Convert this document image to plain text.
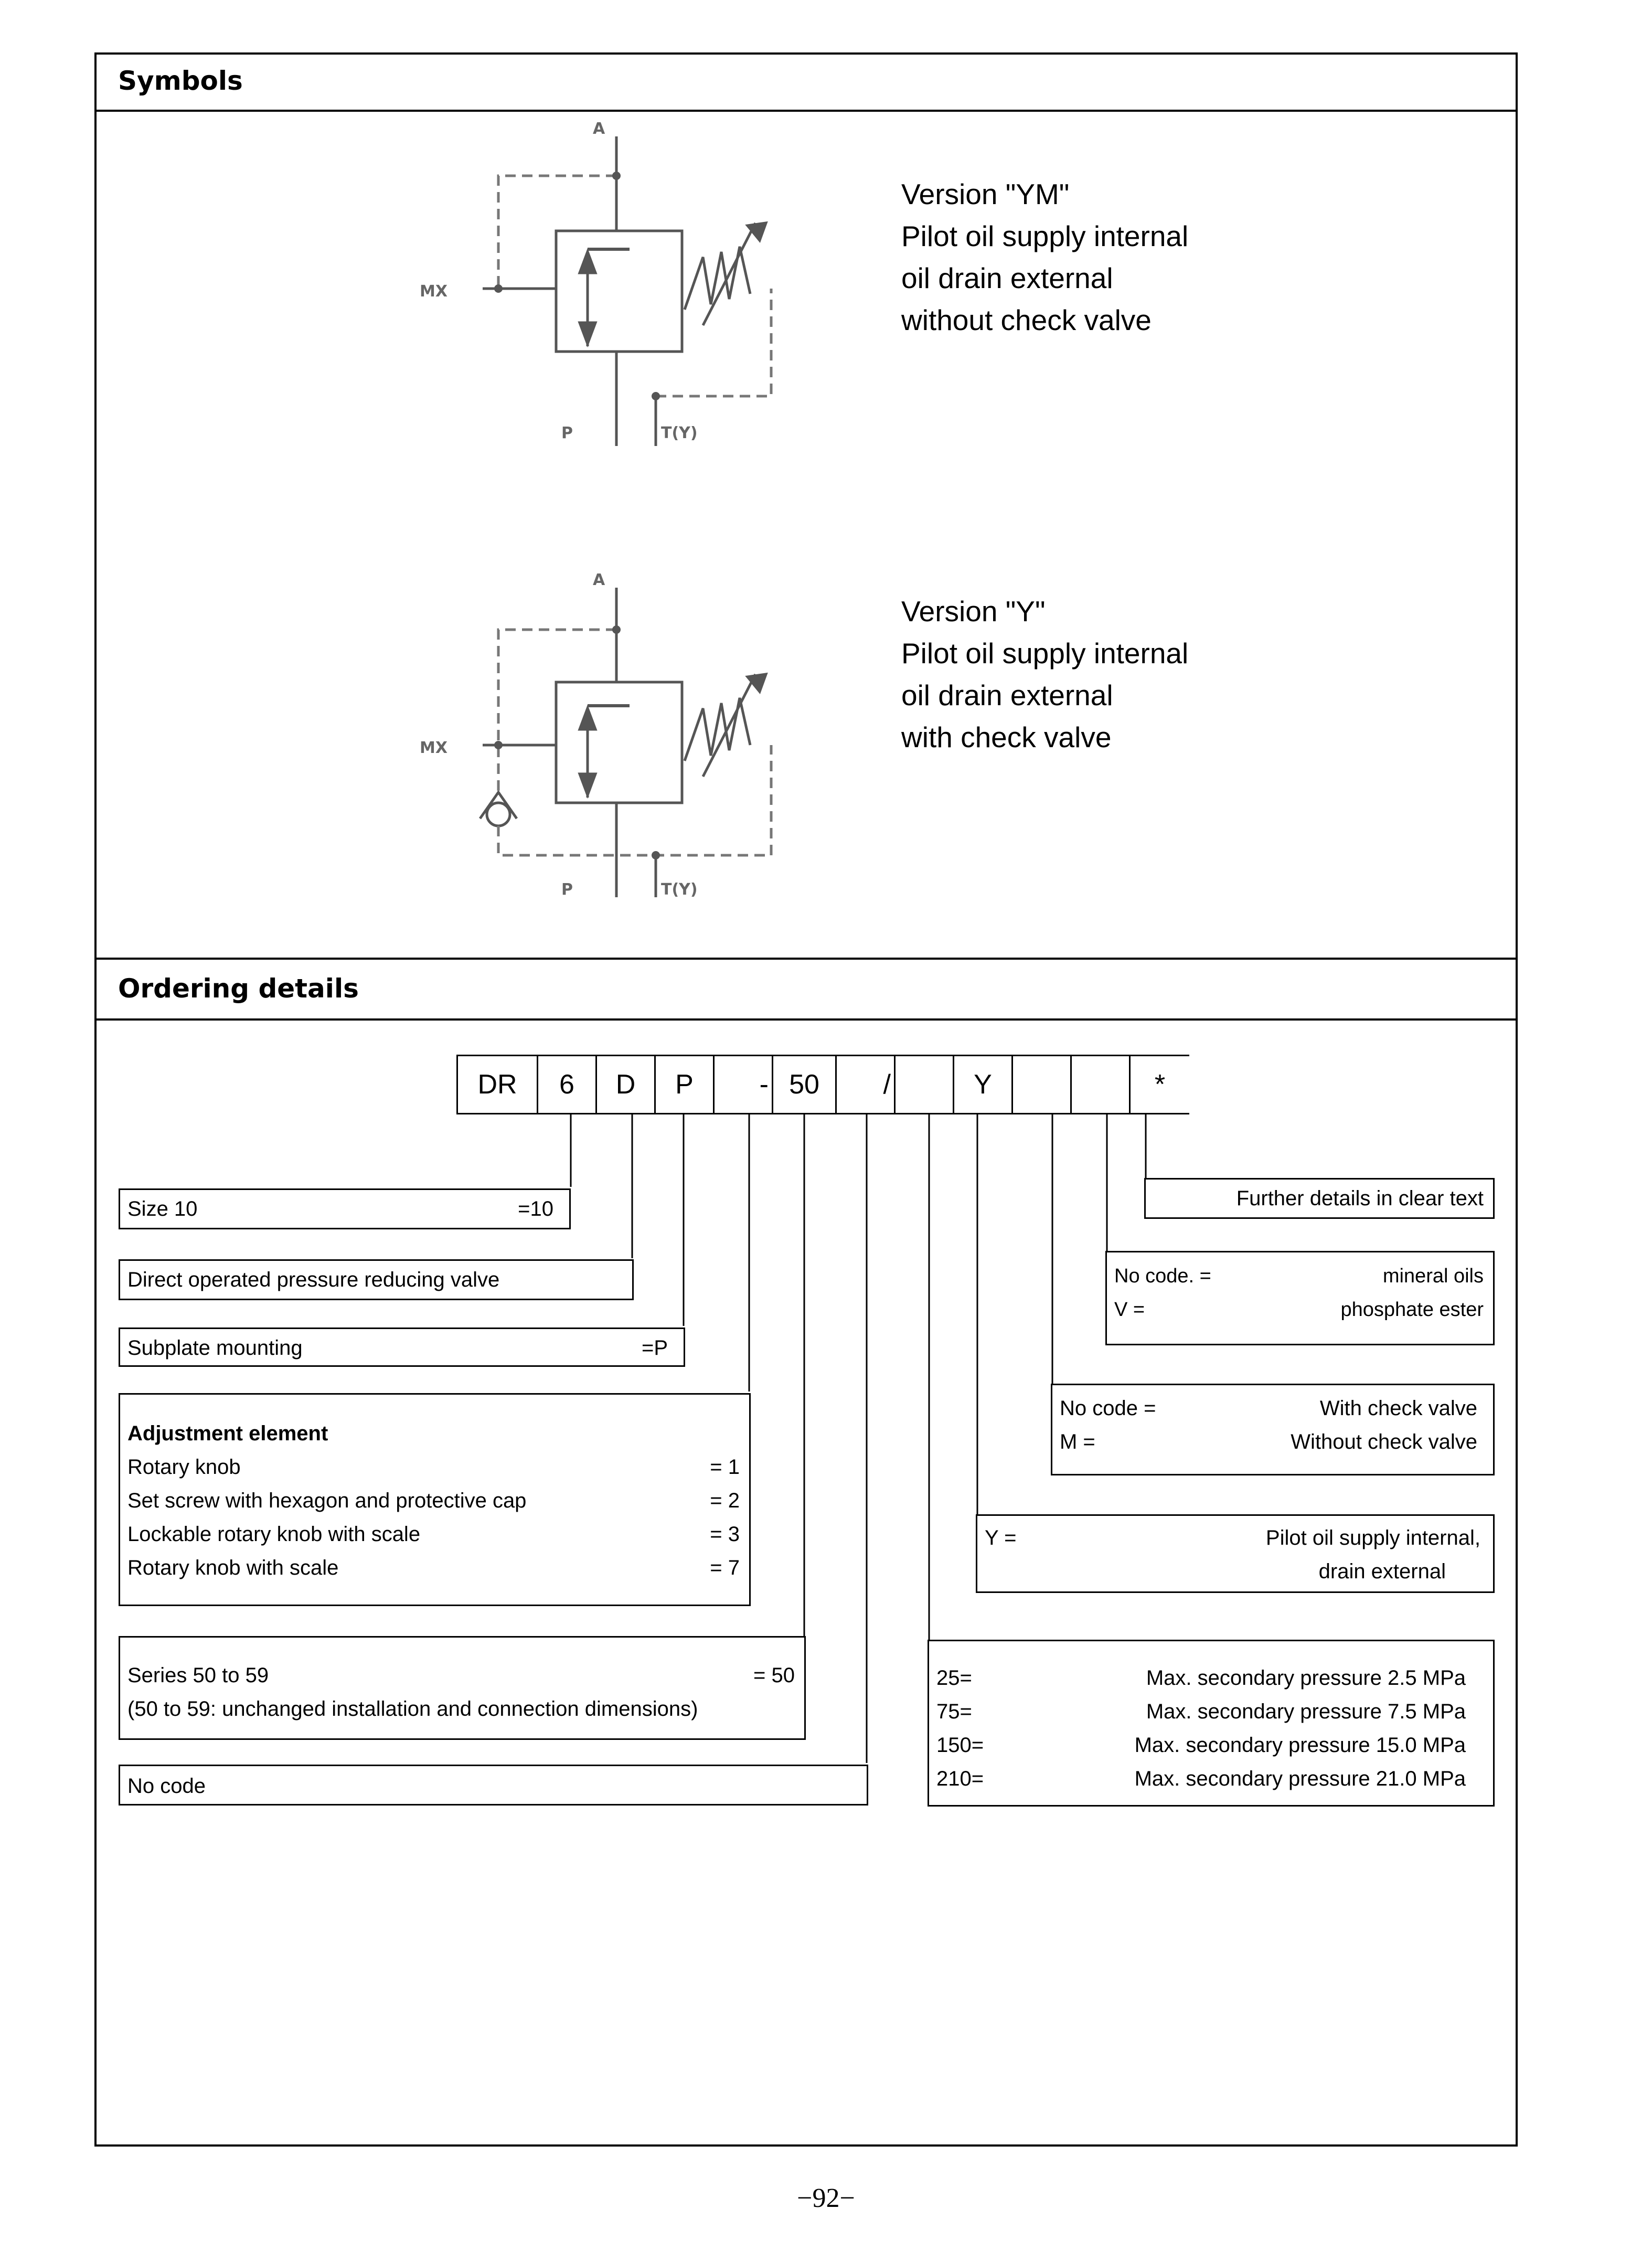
Symbols
Ordering details
A
MX
P	T(Y)
Version "YM"
Pilot oil supply internal
oil drain external
without check valve
A
MX
P	T(Y)
Version "Y"
Pilot oil supply internal
oil drain external
with check valve
DR	6	D	P	- 50	/	Y	*
Size 10	=10
Direct operated pressure reducing valve
Subplate mounting	=P
Adjustment element
Rotary knob	= 1
Set screw with hexagon and protective cap	= 2
Lockable rotary knob with scale	= 3
Rotary knob with scale	= 7
Series 50 to 59	= 50
(50 to 59: unchanged installation and connection dimensions)
No code
Further details in clear text
No code. =	mineral oils
V =	phosphate ester
No code =	With check valve
M =	Without check valve
Y =	Pilot oil supply internal,
drain external
25=	Max. secondary pressure 2.5 MPa
75=	Max. secondary pressure 7.5 MPa
150=	Max. secondary pressure 15.0 MPa
210=	Max. secondary pressure 21.0 MPa
−92−
